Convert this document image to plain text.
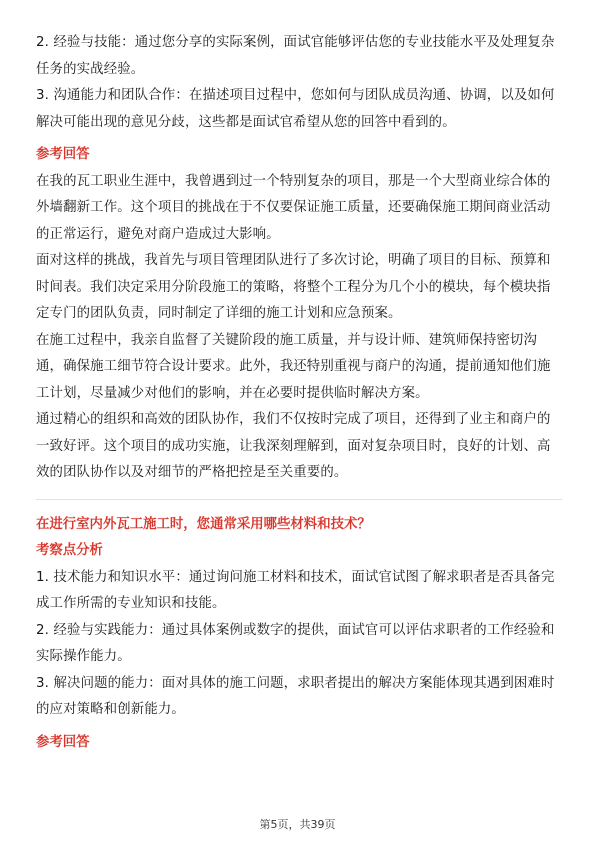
2. 经验与技能：通过您分享的实际案例，面试官能够评估您的专业技能水平及处理复杂任务的实战经验。

3. 沟通能力和团队合作：在描述项目过程中，您如何与团队成员沟通、协调，以及如何解决可能出现的意见分歧，这些都是面试官希望从您的回答中看到的。

参考回答

在我的瓦工职业生涯中，我曾遇到过一个特别复杂的项目，那是一个大型商业综合体的外墙翻新工作。这个项目的挑战在于不仅要保证施工质量，还要确保施工期间商业活动的正常运行，避免对商户造成过大影响。

面对这样的挑战，我首先与项目管理团队进行了多次讨论，明确了项目的目标、预算和时间表。我们决定采用分阶段施工的策略，将整个工程分为几个小的模块，每个模块指定专门的团队负责，同时制定了详细的施工计划和应急预案。

在施工过程中，我亲自监督了关键阶段的施工质量，并与设计师、建筑师保持密切沟通，确保施工细节符合设计要求。此外，我还特别重视与商户的沟通，提前通知他们施工计划，尽量减少对他们的影响，并在必要时提供临时解决方案。

通过精心的组织和高效的团队协作，我们不仅按时完成了项目，还得到了业主和商户的一致好评。这个项目的成功实施，让我深刻理解到，面对复杂项目时，良好的计划、高效的团队协作以及对细节的严格把控是至关重要的。

在进行室内外瓦工施工时，您通常采用哪些材料和技术？

考察点分析

1. 技术能力和知识水平：通过询问施工材料和技术，面试官试图了解求职者是否具备完成工作所需的专业知识和技能。

2. 经验与实践能力：通过具体案例或数字的提供，面试官可以评估求职者的工作经验和实际操作能力。

3. 解决问题的能力：面对具体的施工问题，求职者提出的解决方案能体现其遇到困难时的应对策略和创新能力。

参考回答

第5页，共39页
